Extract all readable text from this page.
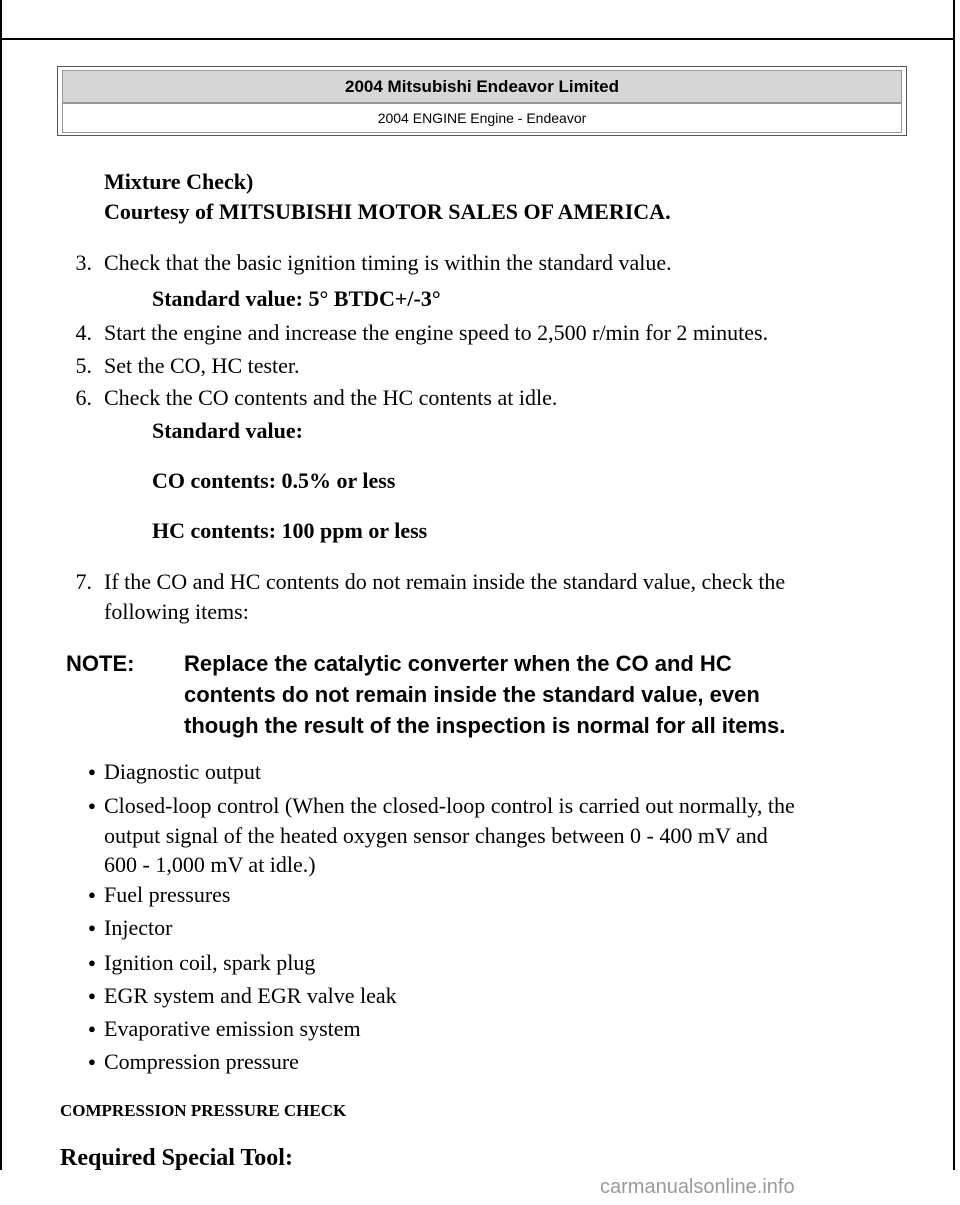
2004 Mitsubishi Endeavor Limited
2004 ENGINE Engine - Endeavor
Mixture Check)
Courtesy of MITSUBISHI MOTOR SALES OF AMERICA.
3. Check that the basic ignition timing is within the standard value.
Standard value: 5° BTDC+/-3°
4. Start the engine and increase the engine speed to 2,500 r/min for 2 minutes.
5. Set the CO, HC tester.
6. Check the CO contents and the HC contents at idle.
Standard value:
CO contents: 0.5% or less
HC contents: 100 ppm or less
7. If the CO and HC contents do not remain inside the standard value, check the
following items:
NOTE: Replace the catalytic converter when the CO and HC
contents do not remain inside the standard value, even
though the result of the inspection is normal for all items.
● Diagnostic output
● Closed-loop control (When the closed-loop control is carried out normally, the
output signal of the heated oxygen sensor changes between 0 - 400 mV and
600 - 1,000 mV at idle.)
● Fuel pressures
● Injector
● Ignition coil, spark plug
● EGR system and EGR valve leak
● Evaporative emission system
● Compression pressure
COMPRESSION PRESSURE CHECK
Required Special Tool:
carmanualsonline.info
